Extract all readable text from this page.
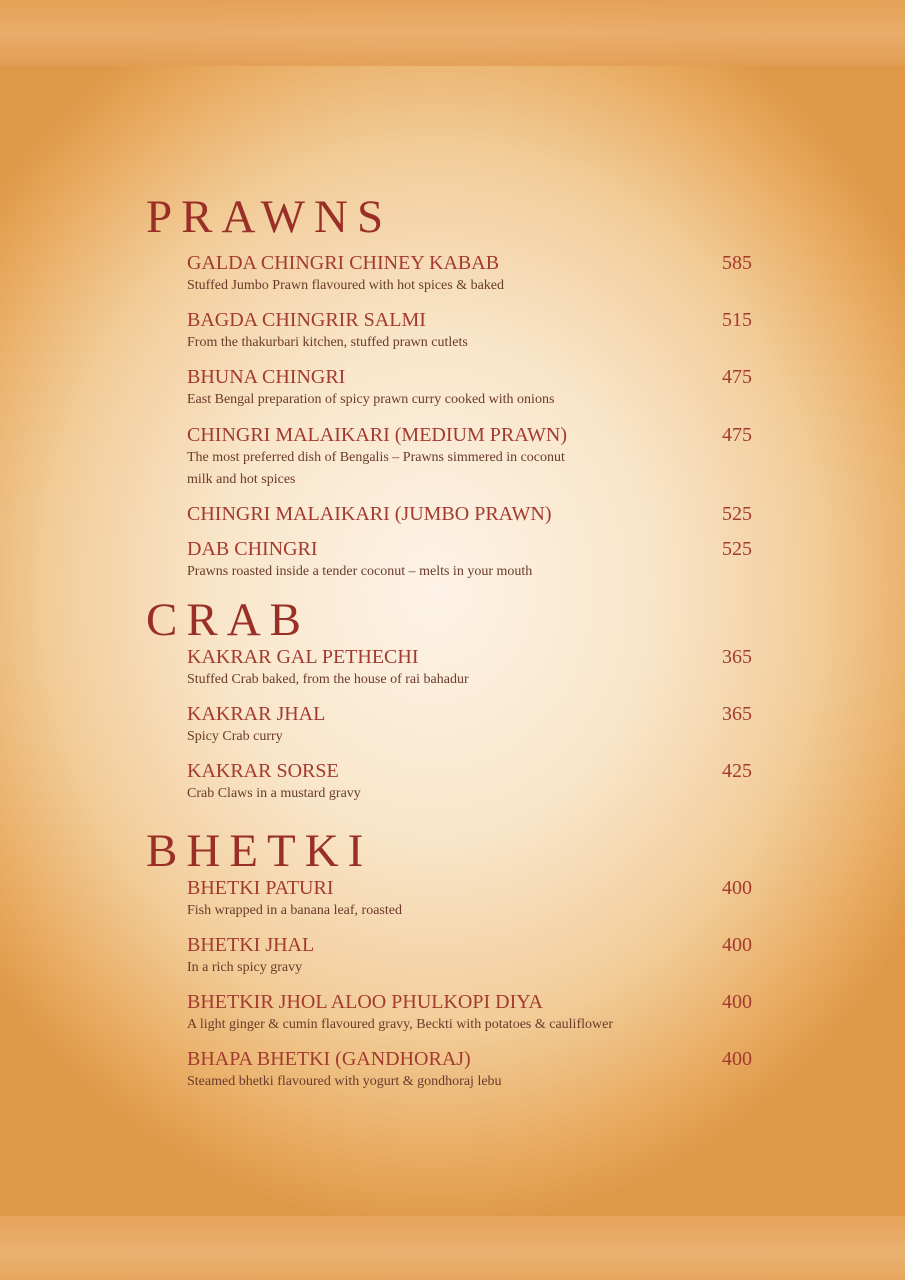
PRAWNS
GALDA CHINGRI CHINEY KABAB
Stuffed Jumbo Prawn flavoured with hot spices & baked
585
BAGDA CHINGRIR SALMI
From the thakurbari kitchen, stuffed prawn cutlets
515
BHUNA CHINGRI
East Bengal preparation of spicy prawn curry cooked with onions
475
CHINGRI MALAIKARI (MEDIUM PRAWN)
The most preferred dish of Bengalis – Prawns simmered in coconut milk and hot spices
475
CHINGRI MALAIKARI (JUMBO PRAWN)	525
DAB CHINGRI
Prawns roasted inside a tender coconut – melts in your mouth
525
CRAB
KAKRAR GAL PETHECHI
Stuffed Crab baked, from the house of rai bahadur
365
KAKRAR JHAL
Spicy Crab curry
365
KAKRAR SORSE
Crab Claws in a mustard gravy
425
BHETKI
BHETKI PATURI
Fish wrapped in a banana leaf, roasted
400
BHETKI JHAL
In a rich spicy gravy
400
BHETKIR JHOL ALOO PHULKOPI DIYA
A light ginger & cumin flavoured gravy, Beckti with potatoes & cauliflower
400
BHAPA BHETKI (GANDHORAJ)
Steamed bhetki flavoured with yogurt & gondhoraj lebu
400
